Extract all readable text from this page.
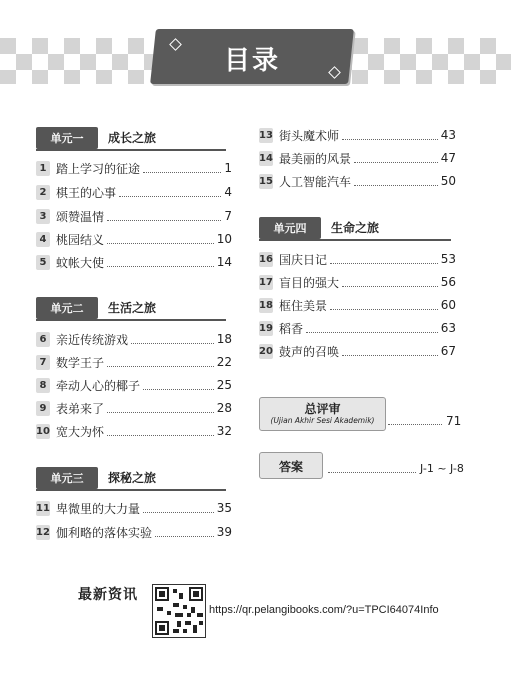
目录
单元一	成长之旅
1 踏上学习的征途	1
2 棋王的心事	4
3 颂赞温情	7
4 桃园结义	10
5 蚊帐大使	14
单元二	生活之旅
6 亲近传统游戏	18
7 数学王子	22
8 牵动人心的椰子	25
9 表弟来了	28
10 宽大为怀	32
单元三	探秘之旅
11 卑微里的大力量	35
12 伽利略的落体实验	39
13 街头魔术师	43
14 最美丽的风景	47
15 人工智能汽车	50
单元四	生命之旅
16 国庆日记	53
17 盲目的强大	56
18 框住美景	60
19 稻香	63
20 鼓声的召唤	67
总评审
(Ujian Akhir Sesi Akademik)	71
答案	J-1 ~ J-8
最新资讯
https://qr.pelangibooks.com/?u=TPCI64074Info
